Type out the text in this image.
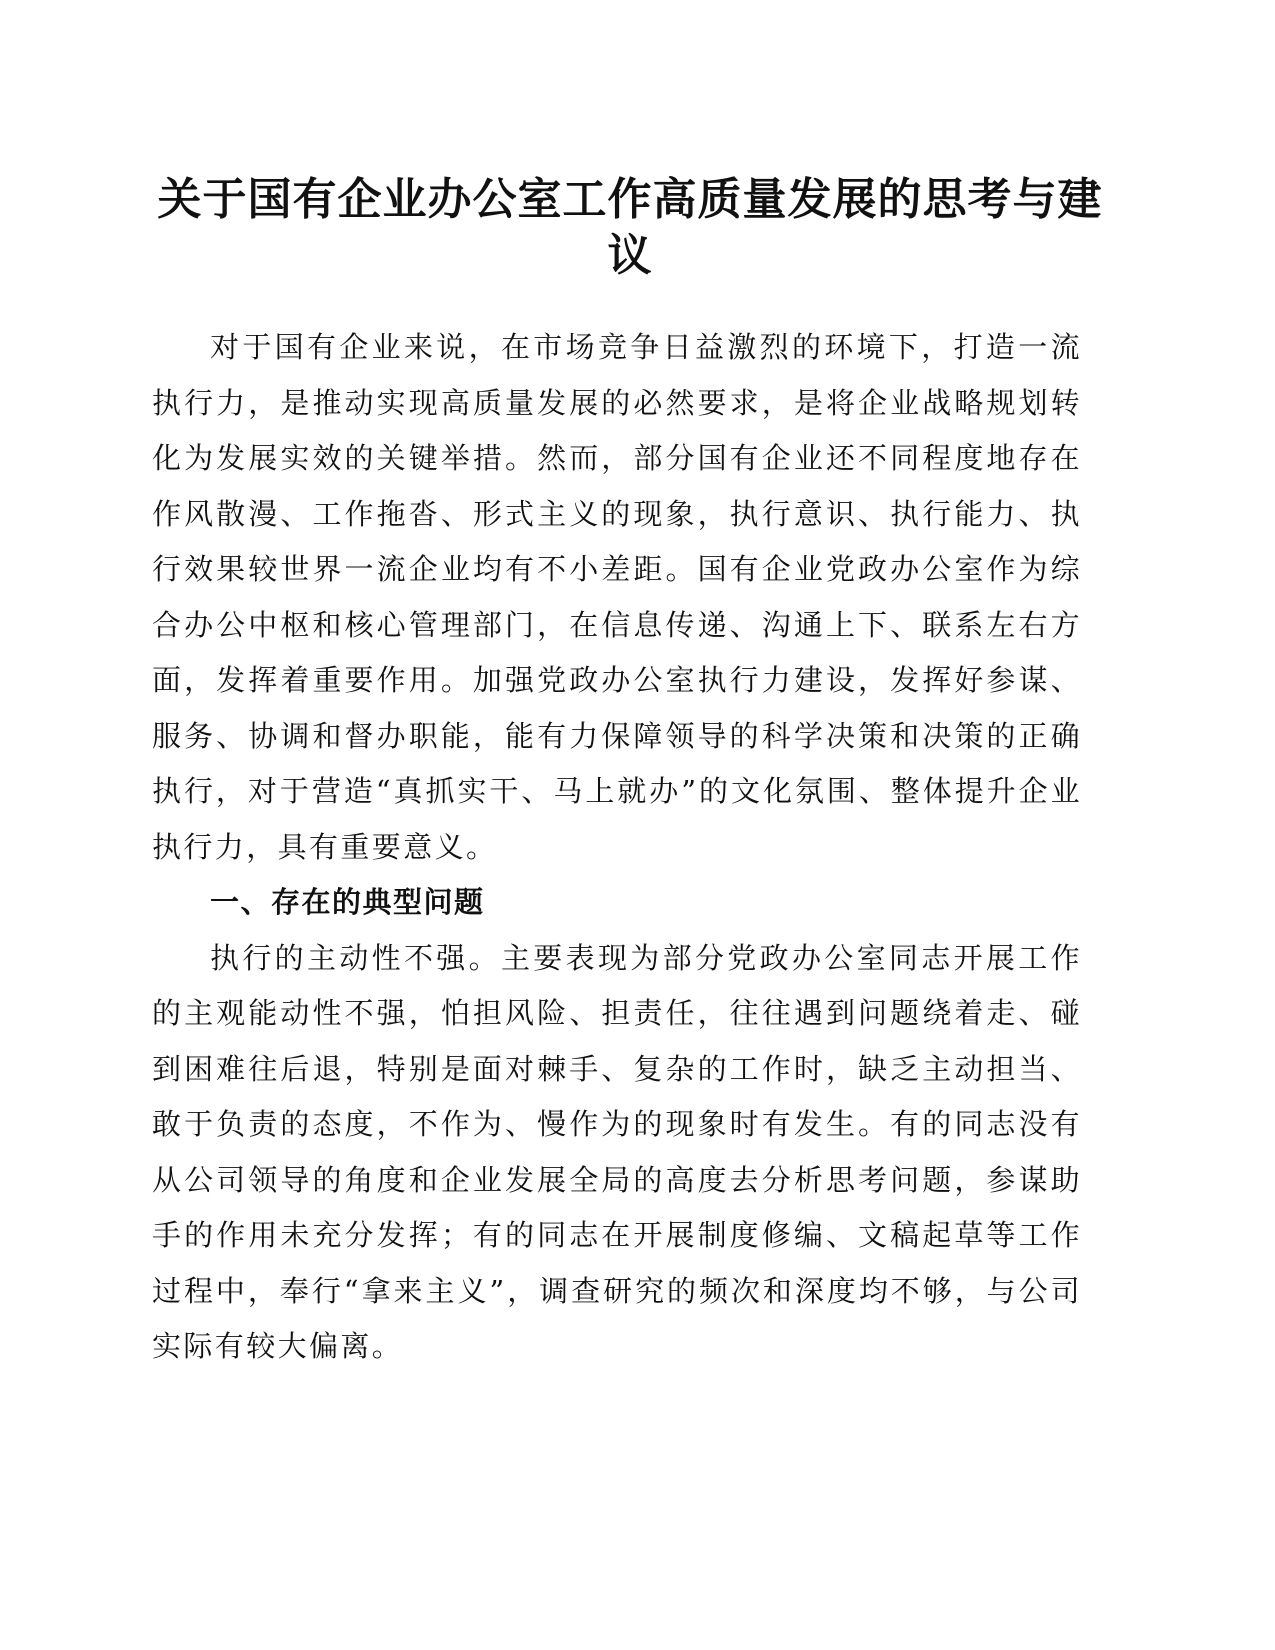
关于国有企业办公室工作高质量发展的思考与建议

对于国有企业来说，在市场竞争日益激烈的环境下，打造一流执行力，是推动实现高质量发展的必然要求，是将企业战略规划转化为发展实效的关键举措。然而，部分国有企业还不同程度地存在作风散漫、工作拖沓、形式主义的现象，执行意识、执行能力、执行效果较世界一流企业均有不小差距。国有企业党政办公室作为综合办公中枢和核心管理部门，在信息传递、沟通上下、联系左右方面，发挥着重要作用。加强党政办公室执行力建设，发挥好参谋、服务、协调和督办职能，能有力保障领导的科学决策和决策的正确执行，对于营造“真抓实干、马上就办”的文化氛围、整体提升企业执行力，具有重要意义。

一、存在的典型问题

执行的主动性不强。主要表现为部分党政办公室同志开展工作的主观能动性不强，怕担风险、担责任，往往遇到问题绕着走、碰到困难往后退，特别是面对棘手、复杂的工作时，缺乏主动担当、敢于负责的态度，不作为、慢作为的现象时有发生。有的同志没有从公司领导的角度和企业发展全局的高度去分析思考问题，参谋助手的作用未充分发挥；有的同志在开展制度修编、文稿起草等工作过程中，奉行“拿来主义”，调查研究的频次和深度均不够，与公司实际有较大偏离。
